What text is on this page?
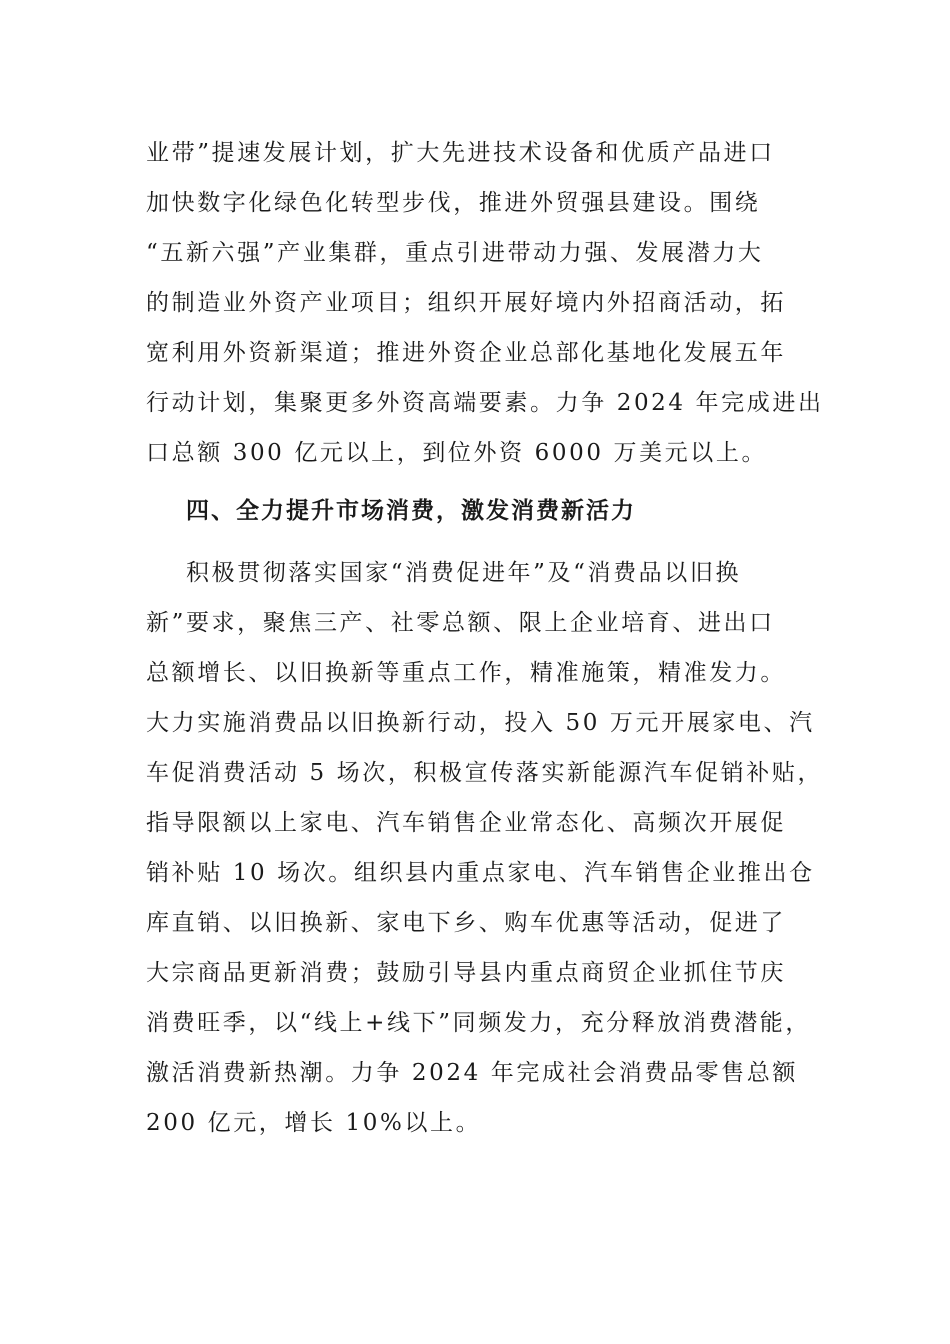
业带”提速发展计划，扩大先进技术设备和优质产品进口
加快数字化绿色化转型步伐，推进外贸强县建设。围绕
“五新六强”产业集群，重点引进带动力强、发展潜力大
的制造业外资产业项目；组织开展好境内外招商活动，拓
宽利用外资新渠道；推进外资企业总部化基地化发展五年
行动计划，集聚更多外资高端要素。力争 2024 年完成进出
口总额 300 亿元以上，到位外资 6000 万美元以上。
四、全力提升市场消费，激发消费新活力
积极贯彻落实国家“消费促进年”及“消费品以旧换
新”要求，聚焦三产、社零总额、限上企业培育、进出口
总额增长、以旧换新等重点工作，精准施策，精准发力。
大力实施消费品以旧换新行动，投入 50 万元开展家电、汽
车促消费活动 5 场次，积极宣传落实新能源汽车促销补贴，
指导限额以上家电、汽车销售企业常态化、高频次开展促
销补贴 10 场次。组织县内重点家电、汽车销售企业推出仓
库直销、以旧换新、家电下乡、购车优惠等活动，促进了
大宗商品更新消费；鼓励引导县内重点商贸企业抓住节庆
消费旺季，以“线上+线下”同频发力，充分释放消费潜能，
激活消费新热潮。力争 2024 年完成社会消费品零售总额
200 亿元，增长 10%以上。
